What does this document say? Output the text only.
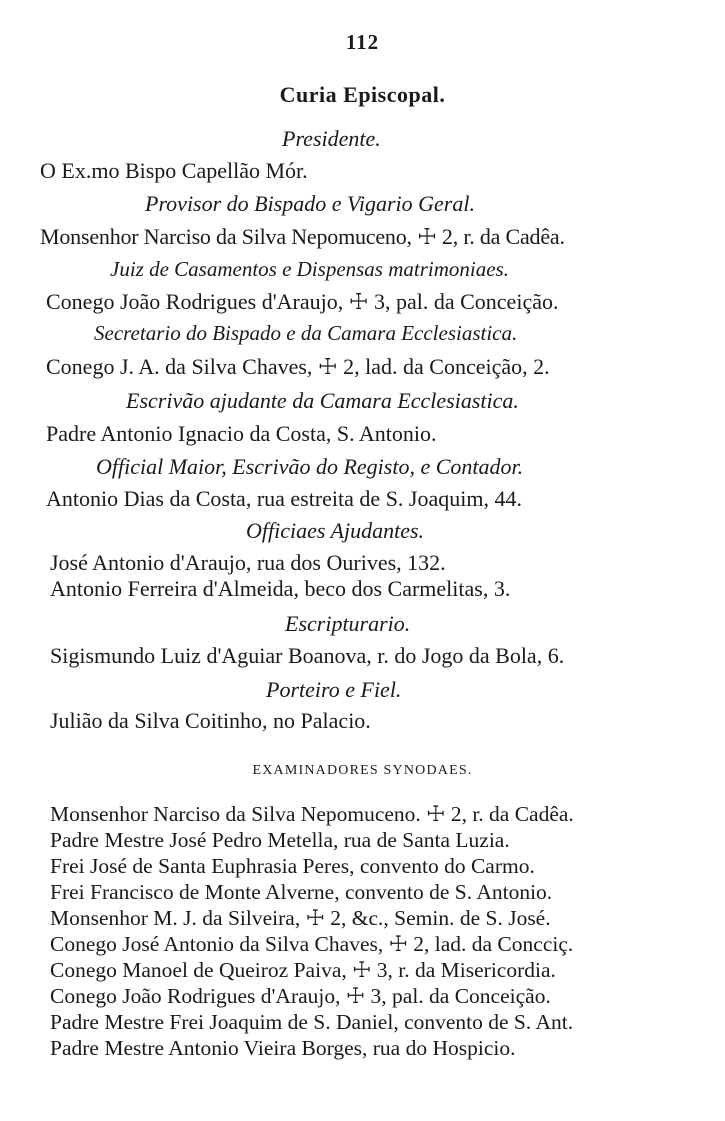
112
Curia Episcopal.
Presidente.
O Ex.mo Bispo Capellão Mór.
Provisor do Bispado e Vigario Geral.
Monsenhor Narciso da Silva Nepomuceno, ☩ 2, r. da Cadêa.
Juiz de Casamentos e Dispensas matrimoniaes.
Conego João Rodrigues d'Araujo, ☩ 3, pal. da Conceição.
Secretario do Bispado e da Camara Ecclesiastica.
Conego J. A. da Silva Chaves, ☩ 2, lad. da Conceição, 2.
Escrivão ajudante da Camara Ecclesiastica.
Padre Antonio Ignacio da Costa, S. Antonio.
Official Maior, Escrivão do Registo, e Contador.
Antonio Dias da Costa, rua estreita de S. Joaquim, 44.
Officiaes Ajudantes.
José Antonio d'Araujo, rua dos Ourives, 132.
Antonio Ferreira d'Almeida, beco dos Carmelitas, 3.
Escripturario.
Sigismundo Luiz d'Aguiar Boanova, r. do Jogo da Bola, 6.
Porteiro e Fiel.
Julião da Silva Coitinho, no Palacio.
EXAMINADORES SYNODAES.
Monsenhor Narciso da Silva Nepomuceno. ☩ 2, r. da Cadêa.
Padre Mestre José Pedro Metella, rua de Santa Luzia.
Frei José de Santa Euphrasia Peres, convento do Carmo.
Frei Francisco de Monte Alverne, convento de S. Antonio.
Monsenhor M. J. da Silveira, ☩ 2, &c., Semin. de S. José.
Conego José Antonio da Silva Chaves, ☩ 2, lad. da Concciç.
Conego Manoel de Queiroz Paiva, ☩ 3, r. da Misericordia.
Conego João Rodrigues d'Araujo, ☩ 3, pal. da Conceição.
Padre Mestre Frei Joaquim de S. Daniel, convento de S. Ant.
Padre Mestre Antonio Vieira Borges, rua do Hospicio.
